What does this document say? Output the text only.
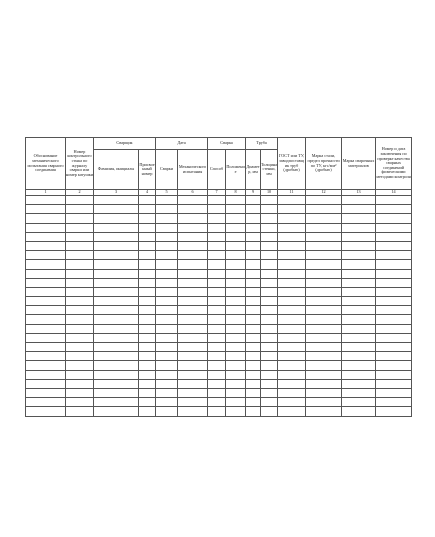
Обоснование механического испытания сварного соединения	Номер контрольного стыка по журналу сварки или номер катушки	Сварщик		Дата		Сварка		Труба		ГОСТ или ТУ, заводпоставщик труб (дробью)	Марка стали, предел прочности по ТУ, кгс/мм² (дробью)	Марка сварочных материалов	Номер и дата заключения по проверке качества сварных соединений физическими методами контроля
		Фамилия, инициалы	Присвоенный номер	Сварки	Механического испытания	Способ	Положение	Диаметр, мм	Толщина стенки, мм				
1	2	3	4	5	6	7	8	9	10	11	12	13	14
